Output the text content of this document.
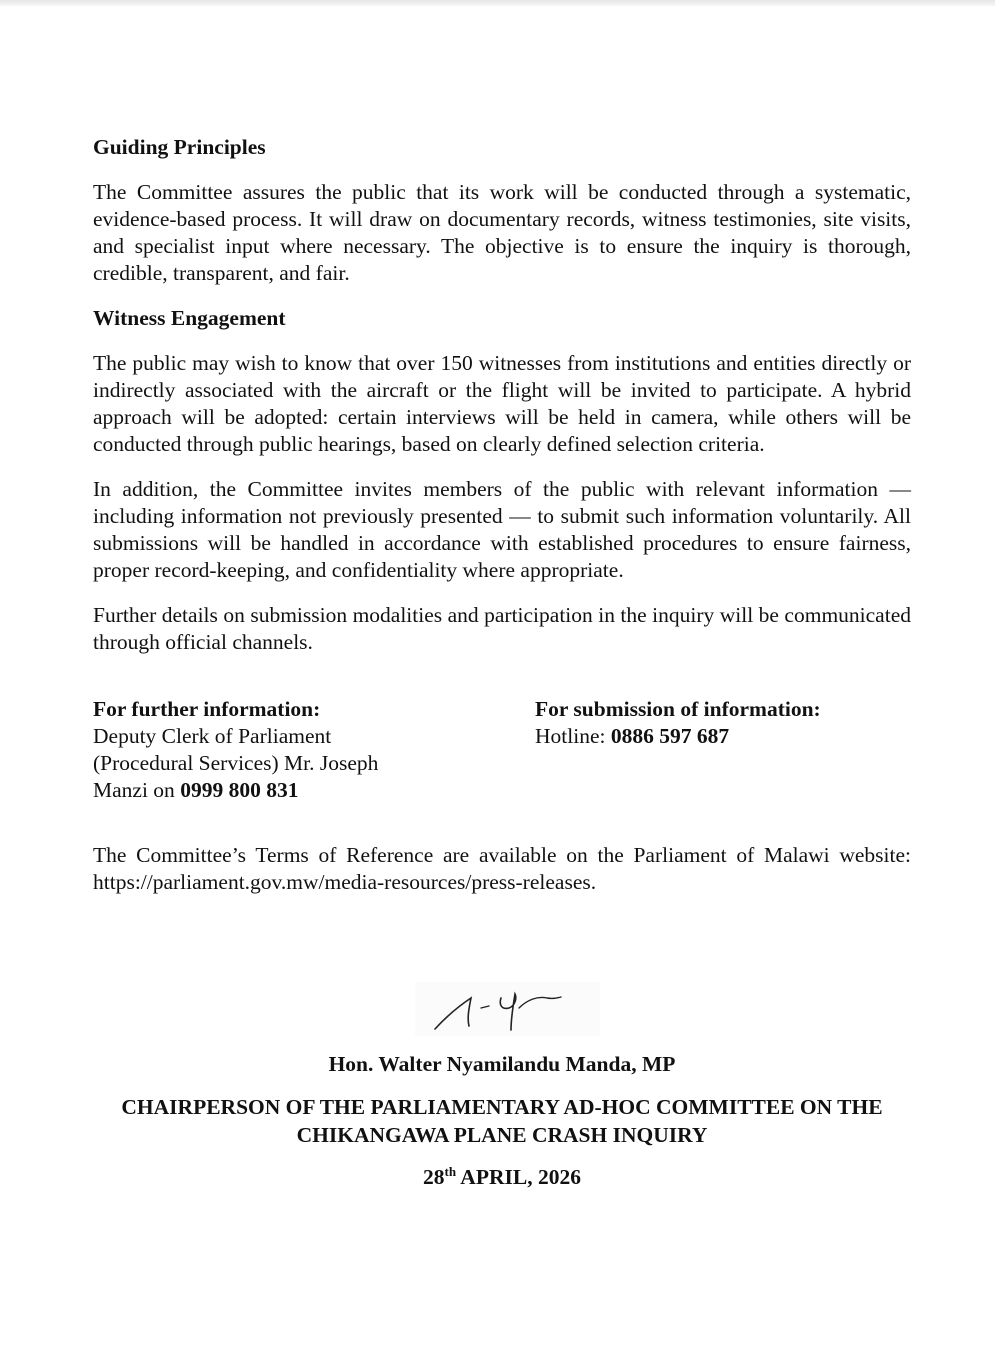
Guiding Principles

The Committee assures the public that its work will be conducted through a systematic, evidence-based process. It will draw on documentary records, witness testimonies, site visits, and specialist input where necessary. The objective is to ensure the inquiry is thorough, credible, transparent, and fair.

Witness Engagement

The public may wish to know that over 150 witnesses from institutions and entities directly or indirectly associated with the aircraft or the flight will be invited to participate. A hybrid approach will be adopted: certain interviews will be held in camera, while others will be conducted through public hearings, based on clearly defined selection criteria.

In addition, the Committee invites members of the public with relevant information — including information not previously presented — to submit such information voluntarily. All submissions will be handled in accordance with established procedures to ensure fairness, proper record-keeping, and confidentiality where appropriate.

Further details on submission modalities and participation in the inquiry will be communicated through official channels.

For further information:
Deputy Clerk of Parliament (Procedural Services) Mr. Joseph Manzi on 0999 800 831
For submission of information:
Hotline: 0886 597 687

The Committee’s Terms of Reference are available on the Parliament of Malawi website: https://parliament.gov.mw/media-resources/press-releases.

Hon. Walter Nyamilandu Manda, MP
CHAIRPERSON OF THE PARLIAMENTARY AD-HOC COMMITTEE ON THE CHIKANGAWA PLANE CRASH INQUIRY
28th APRIL, 2026
